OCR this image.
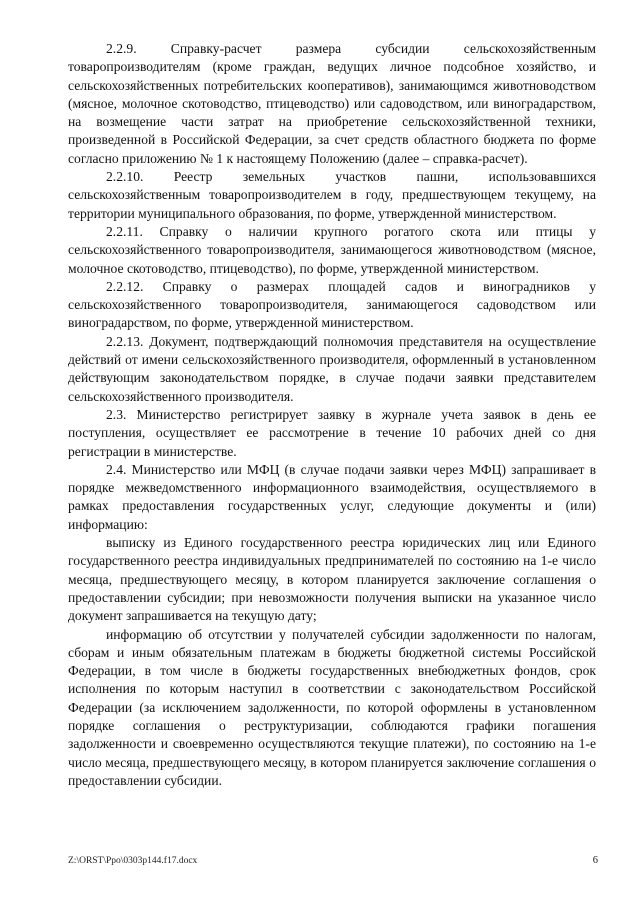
2.2.9. Справку-расчет размера субсидии сельскохозяйственным товаропроизводителям (кроме граждан, ведущих личное подсобное хозяйство, и сельскохозяйственных потребительских кооперативов), занимающимся животноводством (мясное, молочное скотоводство, птицеводство) или садоводством, или виноградарством, на возмещение части затрат на приобретение сельскохозяйственной техники, произведенной в Российской Федерации, за счет средств областного бюджета по форме согласно приложению № 1 к настоящему Положению (далее – справка-расчет).

2.2.10. Реестр земельных участков пашни, использовавшихся сельскохозяйственным товаропроизводителем в году, предшествующем текущему, на территории муниципального образования, по форме, утвержденной министерством.

2.2.11. Справку о наличии крупного рогатого скота или птицы у сельскохозяйственного товаропроизводителя, занимающегося животноводством (мясное, молочное скотоводство, птицеводство), по форме, утвержденной министерством.

2.2.12. Справку о размерах площадей садов и виноградников у сельскохозяйственного товаропроизводителя, занимающегося садоводством или виноградарством, по форме, утвержденной министерством.

2.2.13. Документ, подтверждающий полномочия представителя на осуществление действий от имени сельскохозяйственного производителя, оформленный в установленном действующим законодательством порядке, в случае подачи заявки представителем сельскохозяйственного производителя.

2.3. Министерство регистрирует заявку в журнале учета заявок в день ее поступления, осуществляет ее рассмотрение в течение 10 рабочих дней со дня регистрации в министерстве.

2.4. Министерство или МФЦ (в случае подачи заявки через МФЦ) запрашивает в порядке межведомственного информационного взаимодействия, осуществляемого в рамках предоставления государственных услуг, следующие документы и (или) информацию:

выписку из Единого государственного реестра юридических лиц или Единого государственного реестра индивидуальных предпринимателей по состоянию на 1-е число месяца, предшествующего месяцу, в котором планируется заключение соглашения о предоставлении субсидии; при невозможности получения выписки на указанное число документ запрашивается на текущую дату;

информацию об отсутствии у получателей субсидии задолженности по налогам, сборам и иным обязательным платежам в бюджеты бюджетной системы Российской Федерации, в том числе в бюджеты государственных внебюджетных фондов, срок исполнения по которым наступил в соответствии с законодательством Российской Федерации (за исключением задолженности, по которой оформлены в установленном порядке соглашения о реструктуризации, соблюдаются графики погашения задолженности и своевременно осуществляются текущие платежи), по состоянию на 1-е число месяца, предшествующего месяцу, в котором планируется заключение соглашения о предоставлении субсидии.

Z:\ORST\Ppo\0303p144.f17.docx	6
